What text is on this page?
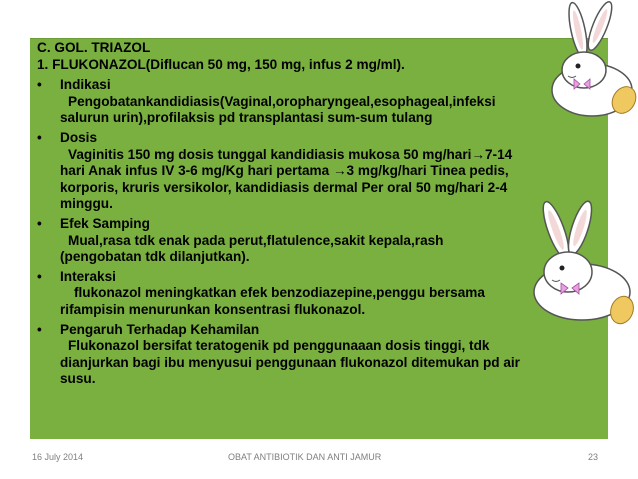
C. GOL. TRIAZOL

1. FLUKONAZOL(Diflucan 50 mg, 150 mg, infus 2 mg/ml).

•	Indikasi

Pengobatankandidiasis(Vaginal,oropharyngeal,esophageal,infeksi

salurun urin),profilaksis pd transplantasi sum-sum tulang

•	Dosis

Vaginitis 150 mg dosis tunggal kandidiasis mukosa 50 mg/hari→7-14

hari Anak infus IV 3-6 mg/Kg hari pertama →3 mg/kg/hari Tinea pedis,

korporis, kruris versikolor, kandidiasis dermal Per oral 50 mg/hari 2-4

minggu.

•	Efek Samping

Mual,rasa tdk enak pada perut,flatulence,sakit kepala,rash

(pengobatan tdk dilanjutkan).

•	Interaksi

flukonazol meningkatkan efek benzodiazepine,penggu bersama

rifampisin menurunkan konsentrasi flukonazol.

•	Pengaruh Terhadap Kehamilan

Flukonazol bersifat teratogenik pd penggunaaan dosis tinggi, tdk

dianjurkan bagi ibu menyusui penggunaan flukonazol ditemukan pd air

susu.

16 July 2014	OBAT ANTIBIOTIK DAN ANTI JAMUR	23
